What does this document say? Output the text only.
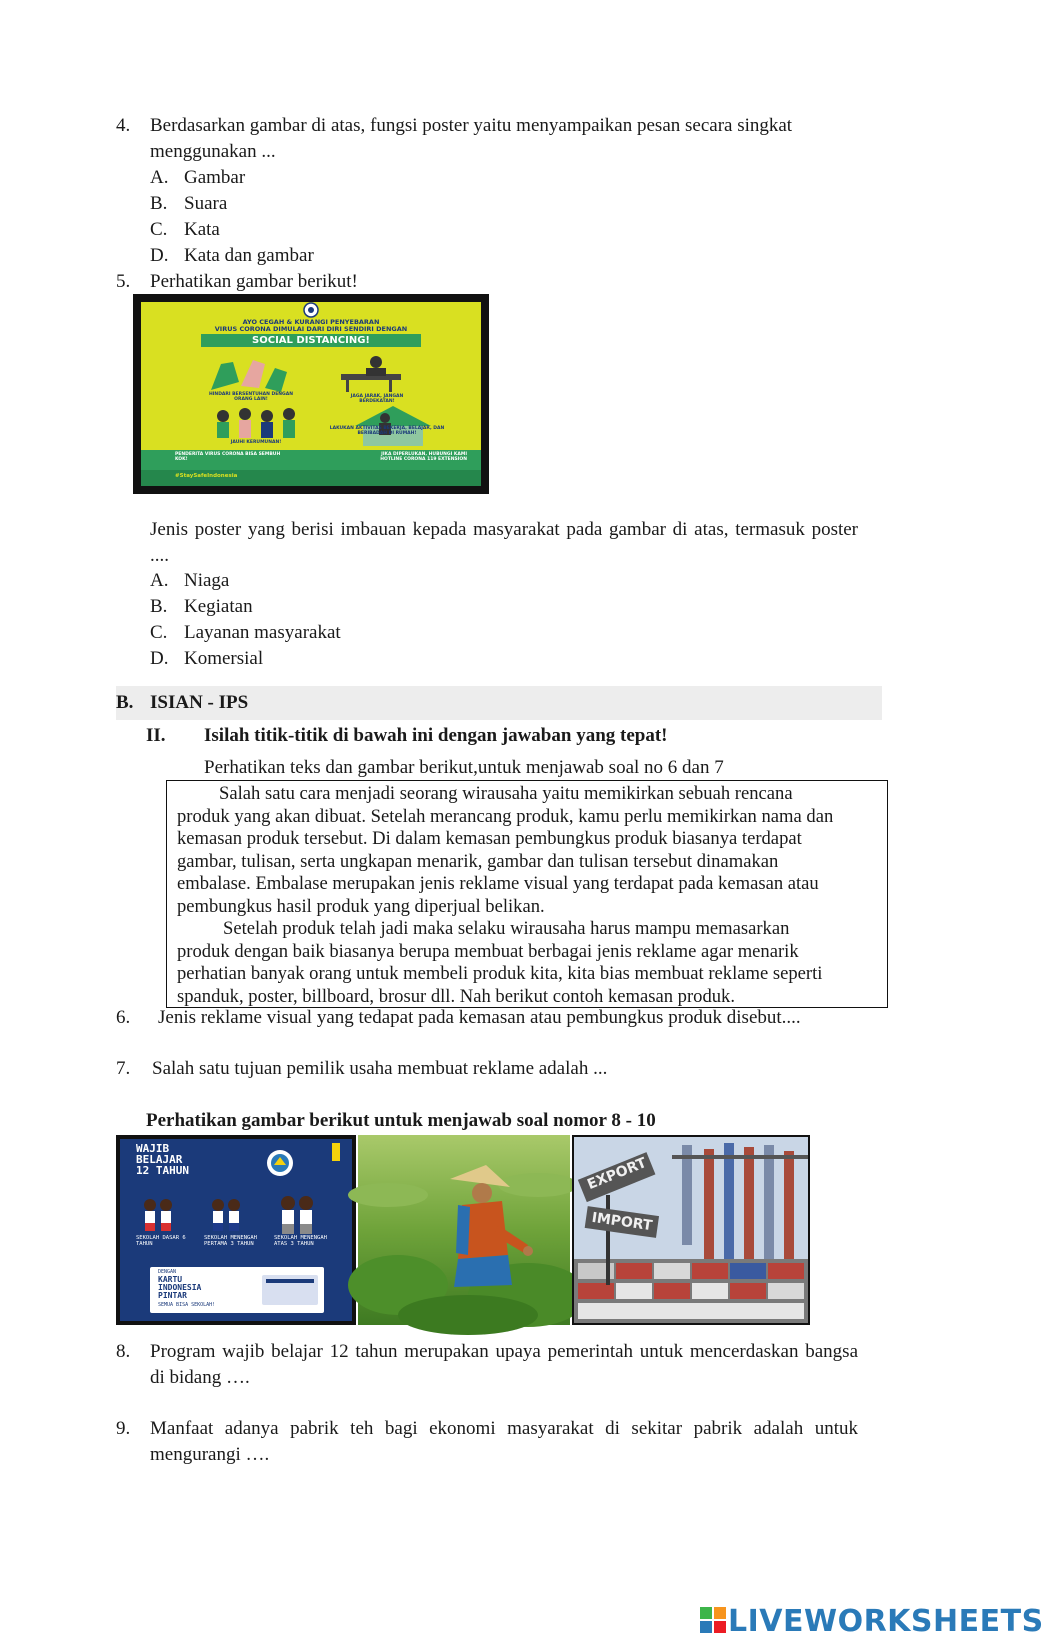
4. Berdasarkan gambar di atas, fungsi poster yaitu menyampaikan pesan secara singkat
menggunakan ...
A. Gambar
B. Suara
C. Kata
D. Kata dan gambar
5. Perhatikan gambar berikut!
AYO CEGAH & KURANGI PENYEBARAN
VIRUS CORONA DIMULAI DARI DIRI SENDIRI DENGAN
SOCIAL DISTANCING!
HINDARI BERSENTUHAN DENGAN ORANG LAIN!
JAGA JARAK, JANGAN BERDEKATAN!
JAUHI KERUMUNAN!
LAKUKAN AKTIVITAS BEKERJA, BELAJAR, DAN BERIBADAH DI RUMAH!
PENDERITA VIRUS CORONA BISA SEMBUH KOK!
JIKA DIPERLUKAN, HUBUNGI KAMI HOTLINE CORONA 119 EXTENSION
#StaySafeIndonesia
Jenis poster yang berisi imbauan kepada masyarakat pada gambar di atas, termasuk poster
....
A. Niaga
B. Kegiatan
C. Layanan masyarakat
D. Komersial
B. ISIAN - IPS
II. Isilah titik-titik di bawah ini dengan jawaban yang tepat!
Perhatikan teks dan gambar berikut,untuk menjawab soal no 6 dan 7

Salah satu cara menjadi seorang wirausaha yaitu memikirkan sebuah rencana

produk yang akan dibuat. Setelah merancang produk, kamu perlu memikirkan nama dan

kemasan produk tersebut. Di dalam kemasan pembungkus produk biasanya terdapat

gambar, tulisan, serta ungkapan menarik, gambar dan tulisan tersebut dinamakan

embalase. Embalase merupakan jenis reklame visual yang terdapat pada kemasan atau

pembungkus hasil produk yang diperjual belikan.

Setelah produk telah jadi maka selaku wirausaha harus mampu memasarkan

produk dengan baik biasanya berupa membuat berbagai jenis reklame agar menarik

perhatian banyak orang untuk membeli produk kita, kita bias membuat reklame seperti

spanduk, poster, billboard, brosur dll. Nah berikut contoh kemasan produk.

6. Jenis reklame visual yang tedapat pada kemasan atau pembungkus produk disebut....
7. Salah satu tujuan pemilik usaha membuat reklame adalah ...
Perhatikan gambar berikut untuk menjawab soal nomor 8 - 10
WAJIB
BELAJAR
12 TAHUN
SEKOLAH DASAR 6 TAHUN
SEKOLAH MENENGAH PERTAMA 3 TAHUN
SEKOLAH MENENGAH ATAS 3 TAHUN
DENGAN
KARTU
INDONESIA
PINTAR
SEMUA BISA SEKOLAH!
EXPORT
IMPORT
8. Program wajib belajar 12 tahun merupakan upaya pemerintah untuk mencerdaskan bangsa
di bidang ….
9. Manfaat adanya pabrik teh bagi ekonomi masyarakat di sekitar pabrik adalah untuk
mengurangi ….
LIVEWORKSHEETS
